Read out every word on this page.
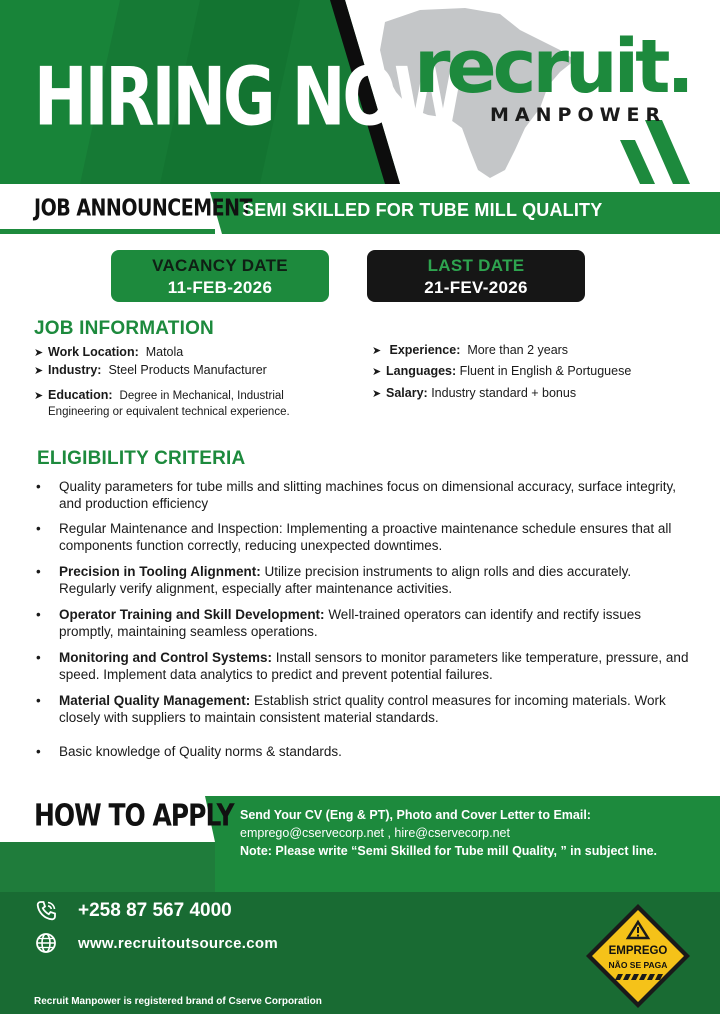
HIRING NOW
recruit.
MANPOWER
JOB ANNOUNCEMENT
SEMI SKILLED FOR TUBE MILL QUALITY
VACANCY DATE
11-FEB-2026
LAST DATE
21-FEV-2026
JOB INFORMATION
➤ Work Location: Matola
➤ Industry: Steel Products Manufacturer
➤ Education: Degree in Mechanical, Industrial
Engineering or equivalent technical experience.
➤ Experience: More than 2 years
➤ Languages: Fluent in English & Portuguese
➤ Salary: Industry standard + bonus
ELIGIBILITY CRITERIA
• Quality parameters for tube mills and slitting machines focus on dimensional accuracy, surface integrity, and production efficiency
• Regular Maintenance and Inspection: Implementing a proactive maintenance schedule ensures that all components function correctly, reducing unexpected downtimes.
• Precision in Tooling Alignment: Utilize precision instruments to align rolls and dies accurately. Regularly verify alignment, especially after maintenance activities.
• Operator Training and Skill Development: Well-trained operators can identify and rectify issues promptly, maintaining seamless operations.
• Monitoring and Control Systems: Install sensors to monitor parameters like temperature, pressure, and speed. Implement data analytics to predict and prevent potential failures.
• Material Quality Management: Establish strict quality control measures for incoming materials. Work closely with suppliers to maintain consistent material standards.
• Basic knowledge of Quality norms & standards.
HOW TO APPLY Send Your CV (Eng & PT), Photo and Cover Letter to Email:
emprego@cservecorp.net , hire@cservecorp.net
Note: Please write “Semi Skilled for Tube mill Quality, ” in subject line.
+258 87 567 4000
www.recruitoutsource.com
Recruit Manpower is registered brand of Cserve Corporation
EMPREGO
NÃO SE PAGA
